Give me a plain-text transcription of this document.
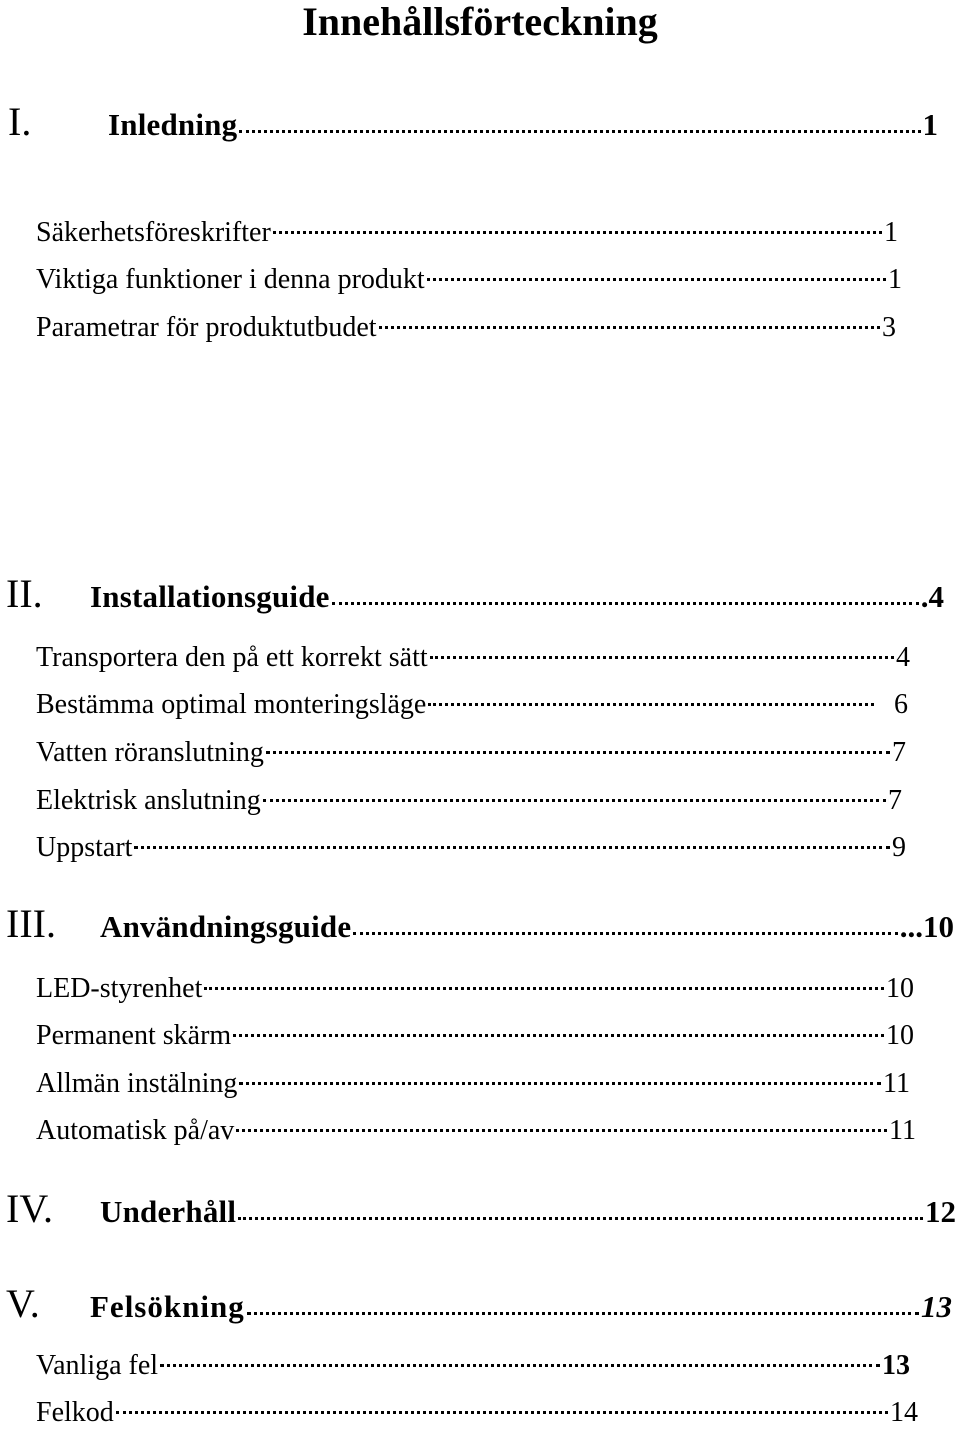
Innehållsförteckning
I.	Inledning	1
Säkerhetsföreskrifter	1
Viktiga funktioner i denna produkt	1
Parametrar för produktutbudet	3
II.	Installationsguide	.4
Transportera den på ett korrekt sätt	4
Bestämma optimal monteringsläge	6
Vatten röranslutning	7
Elektrisk anslutning	7
Uppstart	9
III.	Användningsguide	...10
LED-styrenhet	10
Permanent skärm	10
Allmän instälning	11
Automatisk på/av	11
IV.	Underhåll	12
V.	Felsökning	13
Vanliga fel	13
Felkod	14
